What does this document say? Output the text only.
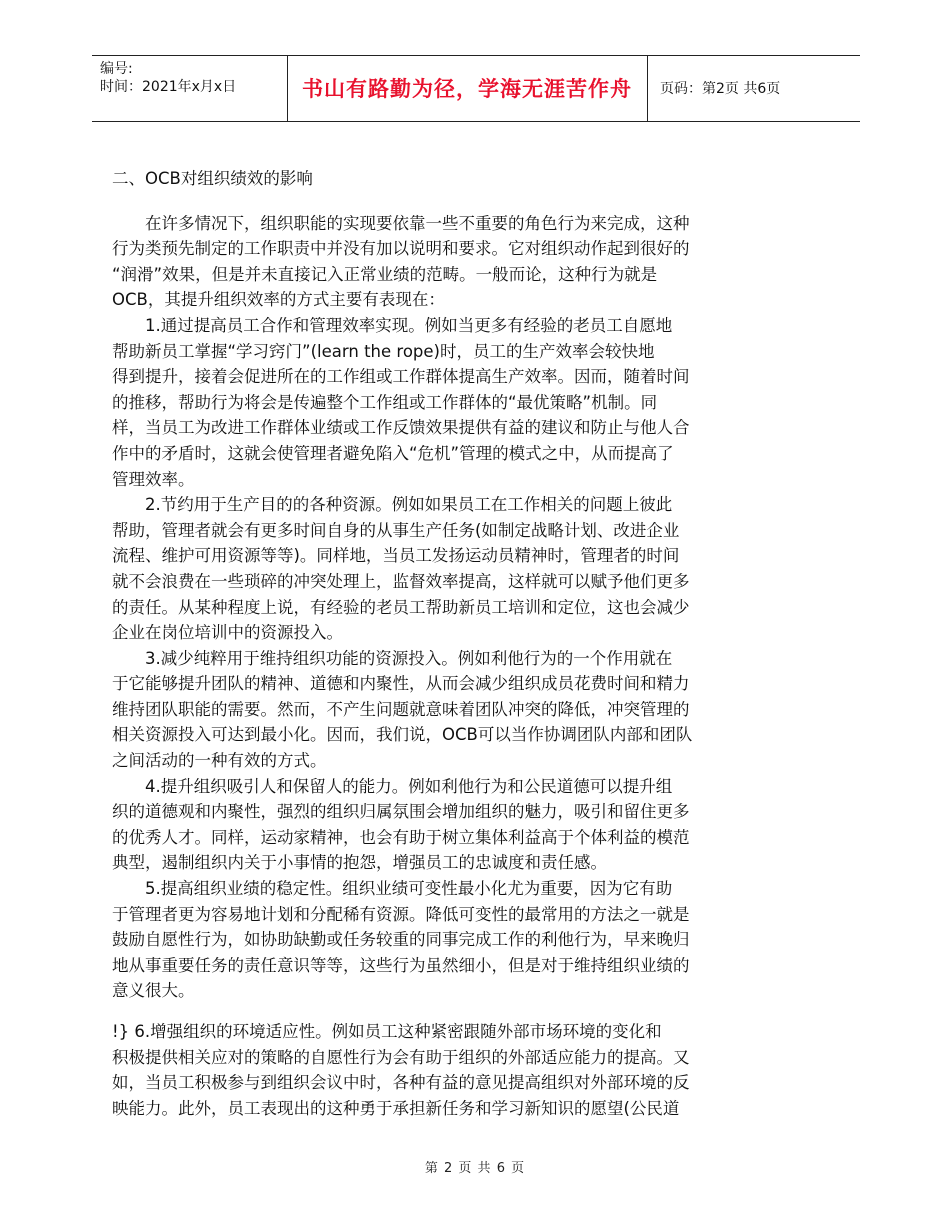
编号:
时间：2021年x月x日	书山有路勤为径，学海无涯苦作舟	页码：第2页 共6页
二、OCB对组织绩效的影响
　　在许多情况下，组织职能的实现要依靠一些不重要的角色行为来完成，这种
行为类预先制定的工作职责中并没有加以说明和要求。它对组织动作起到很好的
“润滑”效果，但是并未直接记入正常业绩的范畴。一般而论，这种行为就是
OCB，其提升组织效率的方式主要有表现在：
　　1.通过提高员工合作和管理效率实现。例如当更多有经验的老员工自愿地
帮助新员工掌握“学习窍门”(learn the rope)时，员工的生产效率会较快地
得到提升，接着会促进所在的工作组或工作群体提高生产效率。因而，随着时间
的推移，帮助行为将会是传遍整个工作组或工作群体的“最优策略”机制。同
样，当员工为改进工作群体业绩或工作反馈效果提供有益的建议和防止与他人合
作中的矛盾时，这就会使管理者避免陷入“危机”管理的模式之中，从而提高了
管理效率。
　　2.节约用于生产目的的各种资源。例如如果员工在工作相关的问题上彼此
帮助，管理者就会有更多时间自身的从事生产任务(如制定战略计划、改进企业
流程、维护可用资源等等)。同样地，当员工发扬运动员精神时，管理者的时间
就不会浪费在一些琐碎的冲突处理上，监督效率提高，这样就可以赋予他们更多
的责任。从某种程度上说，有经验的老员工帮助新员工培训和定位，这也会减少
企业在岗位培训中的资源投入。
　　3.减少纯粹用于维持组织功能的资源投入。例如利他行为的一个作用就在
于它能够提升团队的精神、道德和内聚性，从而会减少组织成员花费时间和精力
维持团队职能的需要。然而，不产生问题就意味着团队冲突的降低，冲突管理的
相关资源投入可达到最小化。因而，我们说，OCB可以当作协调团队内部和团队
之间活动的一种有效的方式。
　　4.提升组织吸引人和保留人的能力。例如利他行为和公民道德可以提升组
织的道德观和内聚性，强烈的组织归属氛围会增加组织的魅力，吸引和留住更多
的优秀人才。同样，运动家精神，也会有助于树立集体利益高于个体利益的模范
典型，遏制组织内关于小事情的抱怨，增强员工的忠诚度和责任感。
　　5.提高组织业绩的稳定性。组织业绩可变性最小化尤为重要，因为它有助
于管理者更为容易地计划和分配稀有资源。降低可变性的最常用的方法之一就是
鼓励自愿性行为，如协助缺勤或任务较重的同事完成工作的利他行为，早来晚归
地从事重要任务的责任意识等等，这些行为虽然细小，但是对于维持组织业绩的
意义很大。
!} 6.增强组织的环境适应性。例如员工这种紧密跟随外部市场环境的变化和
积极提供相关应对的策略的自愿性行为会有助于组织的外部适应能力的提高。又
如，当员工积极参与到组织会议中时，各种有益的意见提高组织对外部环境的反
映能力。此外，员工表现出的这种勇于承担新任务和学习新知识的愿望(公民道
第 2 页 共 6 页
